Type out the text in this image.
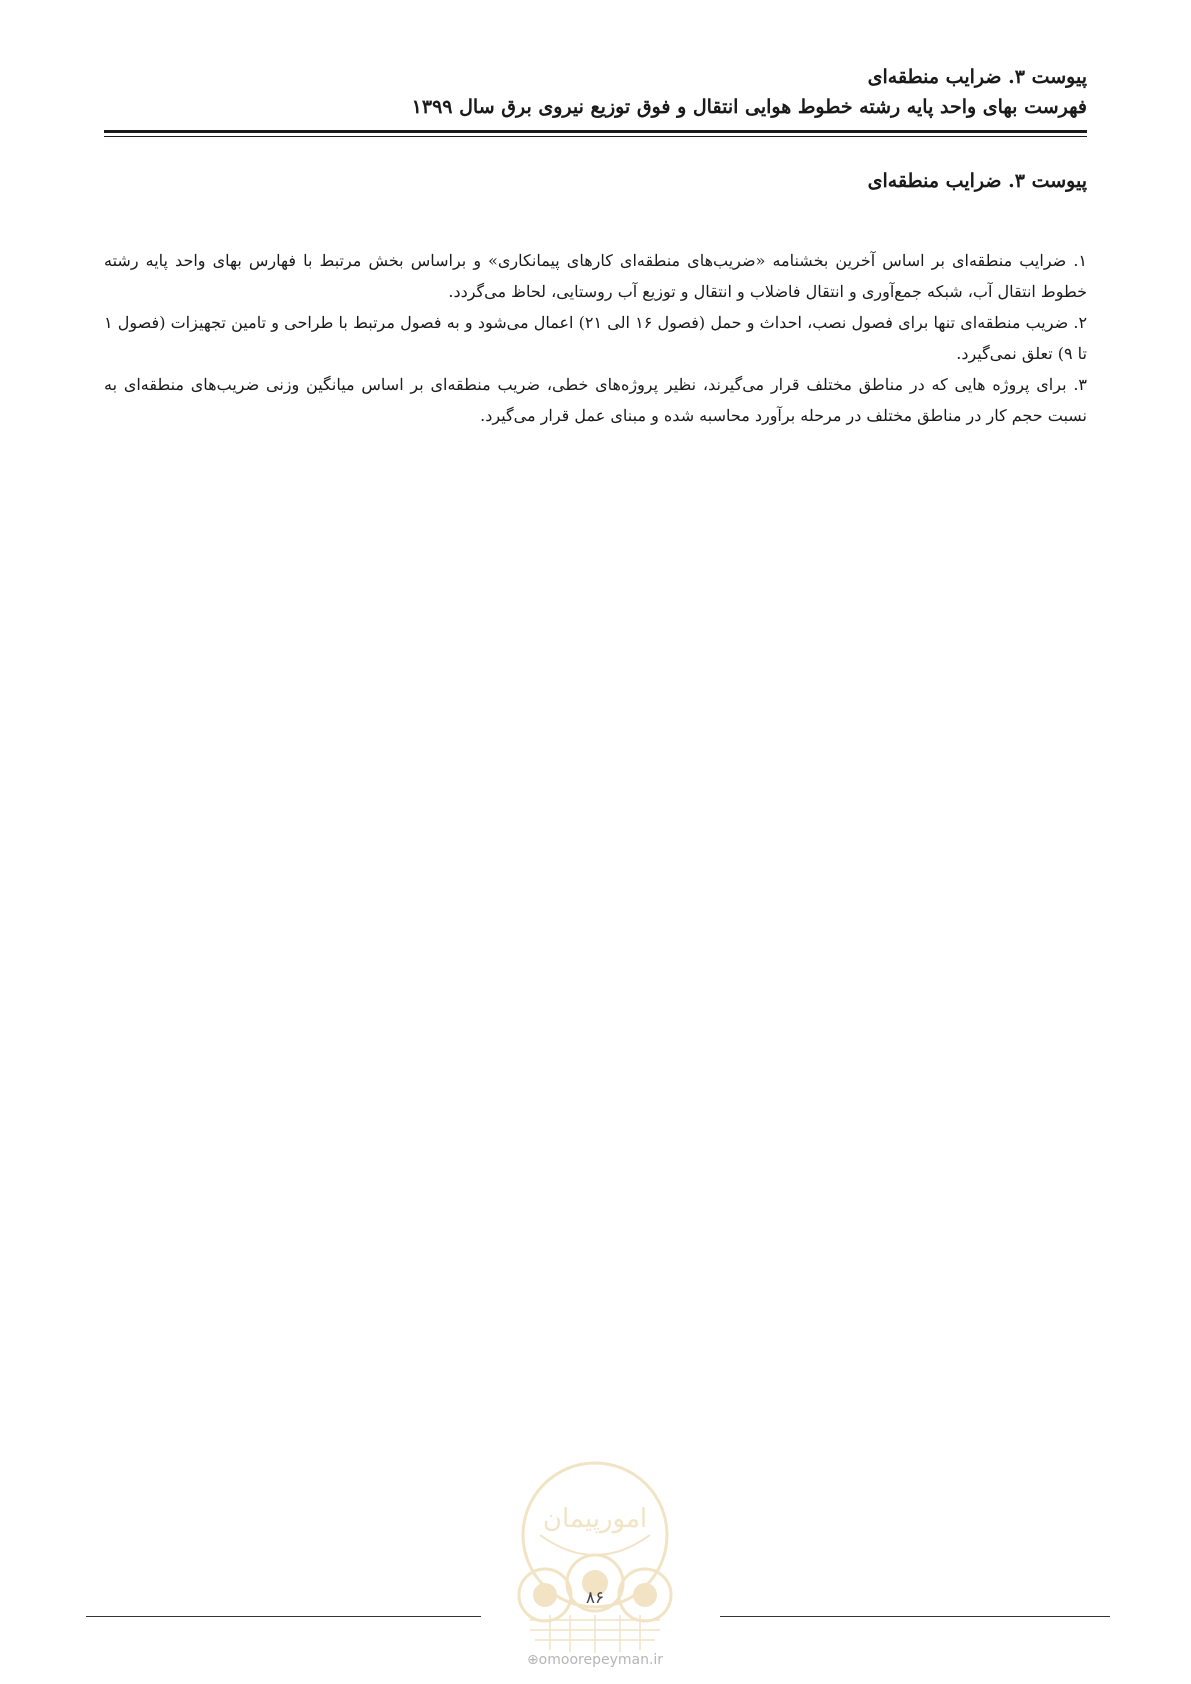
پیوست ۳. ضرایب منطقه‌ای
فهرست بهای واحد پایه رشته خطوط هوایی انتقال و فوق توزیع نیروی برق سال ۱۳۹۹
پیوست ۳. ضرایب منطقه‌ای

۱. ضرایب منطقه‌ای بر اساس آخرین بخشنامه «ضریب‌های منطقه‌ای کارهای پیمانکاری» و براساس بخش مرتبط با فهارس بهای واحد پایه رشته خطوط انتقال آب، شبکه جمع‌آوری و انتقال فاضلاب و انتقال و توزیع آب روستایی، لحاظ می‌گردد.

۲. ضریب منطقه‌ای تنها برای فصول نصب، احداث و حمل (فصول ۱۶ الی ۲۱) اعمال می‌شود و به فصول مرتبط با طراحی و تامین تجهیزات (فصول ۱ تا ۹) تعلق نمی‌گیرد.

۳. برای پروژه هایی که در مناطق مختلف قرار می‌گیرند، نظیر پروژه‌های خطی، ضریب منطقه‌ای بر اساس میانگین وزنی ضریب‌های منطقه‌ای به نسبت حجم کار در مناطق مختلف در مرحله برآورد محاسبه شده و مبنای عمل قرار می‌گیرد.

امورپیمان
۸۶
⊕omoorepeyman.ir
